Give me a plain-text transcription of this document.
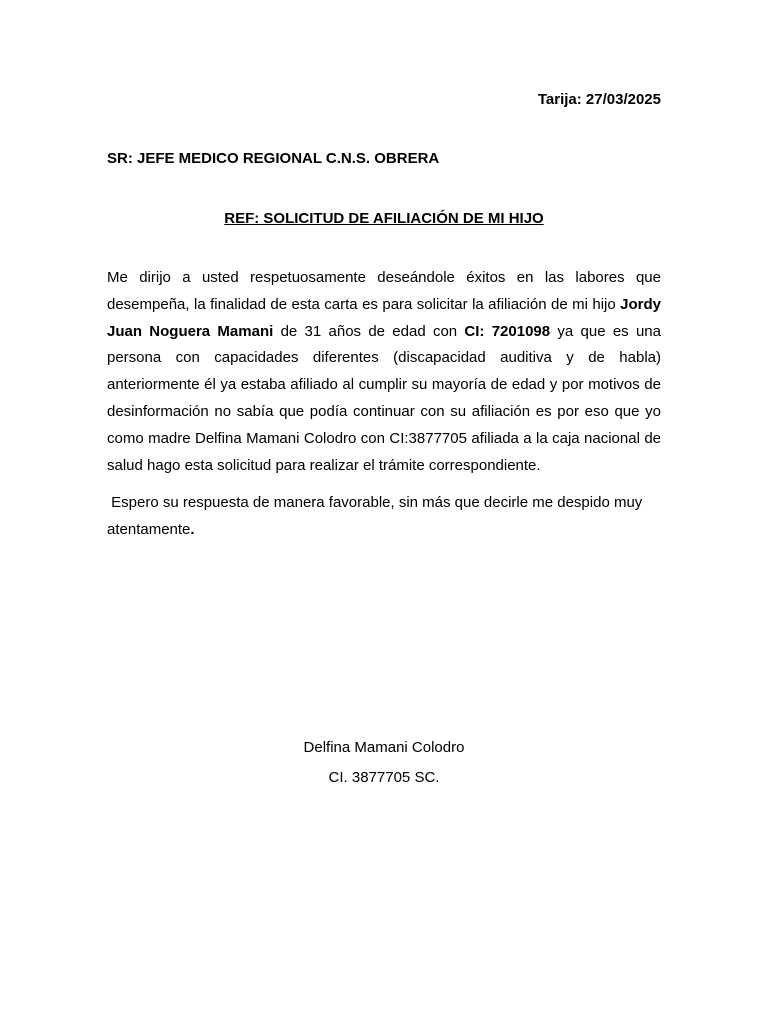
Tarija: 27/03/2025
SR: JEFE MEDICO REGIONAL C.N.S. OBRERA
REF: SOLICITUD DE AFILIACIÓN DE MI HIJO

Me dirijo a usted respetuosamente deseándole éxitos en las labores que desempeña, la finalidad de esta carta es para solicitar la afiliación de mi hijo Jordy Juan Noguera Mamani de 31 años de edad con CI: 7201098 ya que es una persona con capacidades diferentes (discapacidad auditiva y de habla) anteriormente él ya estaba afiliado al cumplir su mayoría de edad y por motivos de desinformación no sabía que podía continuar con su afiliación es por eso que yo como madre Delfina Mamani Colodro con CI:3877705 afiliada a la caja nacional de salud hago esta solicitud para realizar el trámite correspondiente.

Espero su respuesta de manera favorable, sin más que decirle me despido muy atentamente.

Delfina Mamani Colodro
CI. 3877705 SC.
